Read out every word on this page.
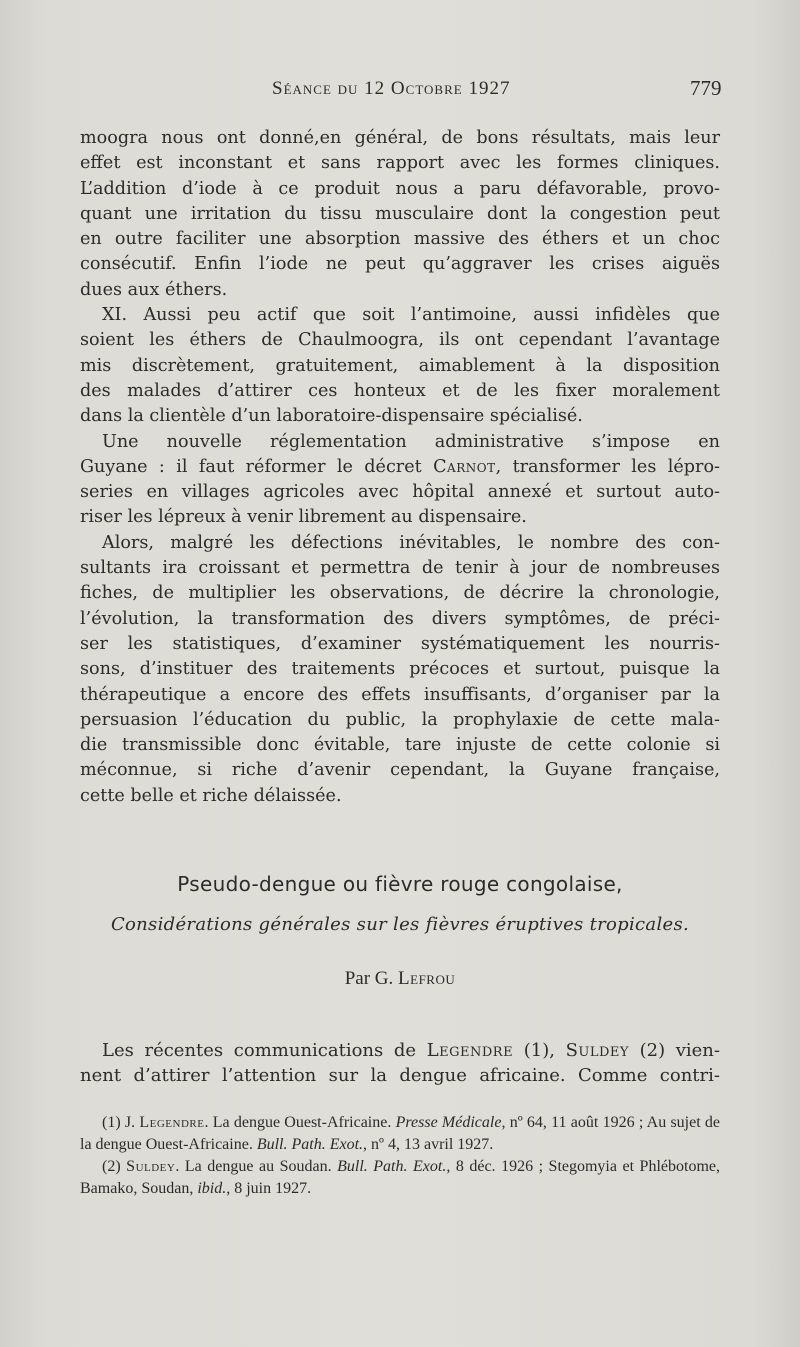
Séance du 12 Octobre 1927	779
moogra nous ont donné,en général, de bons résultats, mais leur
effet est inconstant et sans rapport avec les formes cliniques.
L’addition d’iode à ce produit nous a paru défavorable, provo-
quant une irritation du tissu musculaire dont la congestion peut
en outre faciliter une absorption massive des éthers et un choc
consécutif. Enfin l’iode ne peut qu’aggraver les crises aiguës
dues aux éthers.
XI. Aussi peu actif que soit l’antimoine, aussi infidèles que
soient les éthers de Chaulmoogra, ils ont cependant l’avantage
mis discrètement, gratuitement, aimablement à la disposition
des malades d’attirer ces honteux et de les fixer moralement
dans la clientèle d’un laboratoire-dispensaire spécialisé.
Une nouvelle réglementation administrative s’impose en
Guyane : il faut réformer le décret Carnot, transformer les lépro-
series en villages agricoles avec hôpital annexé et surtout auto-
riser les lépreux à venir librement au dispensaire.
Alors, malgré les défections inévitables, le nombre des con-
sultants ira croissant et permettra de tenir à jour de nombreuses
fiches, de multiplier les observations, de décrire la chronologie,
l’évolution, la transformation des divers symptômes, de préci-
ser les statistiques, d’examiner systématiquement les nourris-
sons, d’instituer des traitements précoces et surtout, puisque la
thérapeutique a encore des effets insuffisants, d’organiser par la
persuasion l’éducation du public, la prophylaxie de cette mala-
die transmissible donc évitable, tare injuste de cette colonie si
méconnue, si riche d’avenir cependant, la Guyane française,
cette belle et riche délaissée.
Pseudo-dengue ou fièvre rouge congolaise,
Considérations générales sur les fièvres éruptives tropicales.
Par G. Lefrou
Les récentes communications de Legendre (1), Suldey (2) vien-
nent d’attirer l’attention sur la dengue africaine. Comme contri-
(1) J. Legendre. La dengue Ouest-Africaine. Presse Médicale, nº 64, 11 août 1926 ; Au sujet de la dengue Ouest-Africaine. Bull. Path. Exot., nº 4, 13 avril 1927.
(2) Suldey. La dengue au Soudan. Bull. Path. Exot., 8 déc. 1926 ; Stegomyia et Phlébotome, Bamako, Soudan, ibid., 8 juin 1927.
